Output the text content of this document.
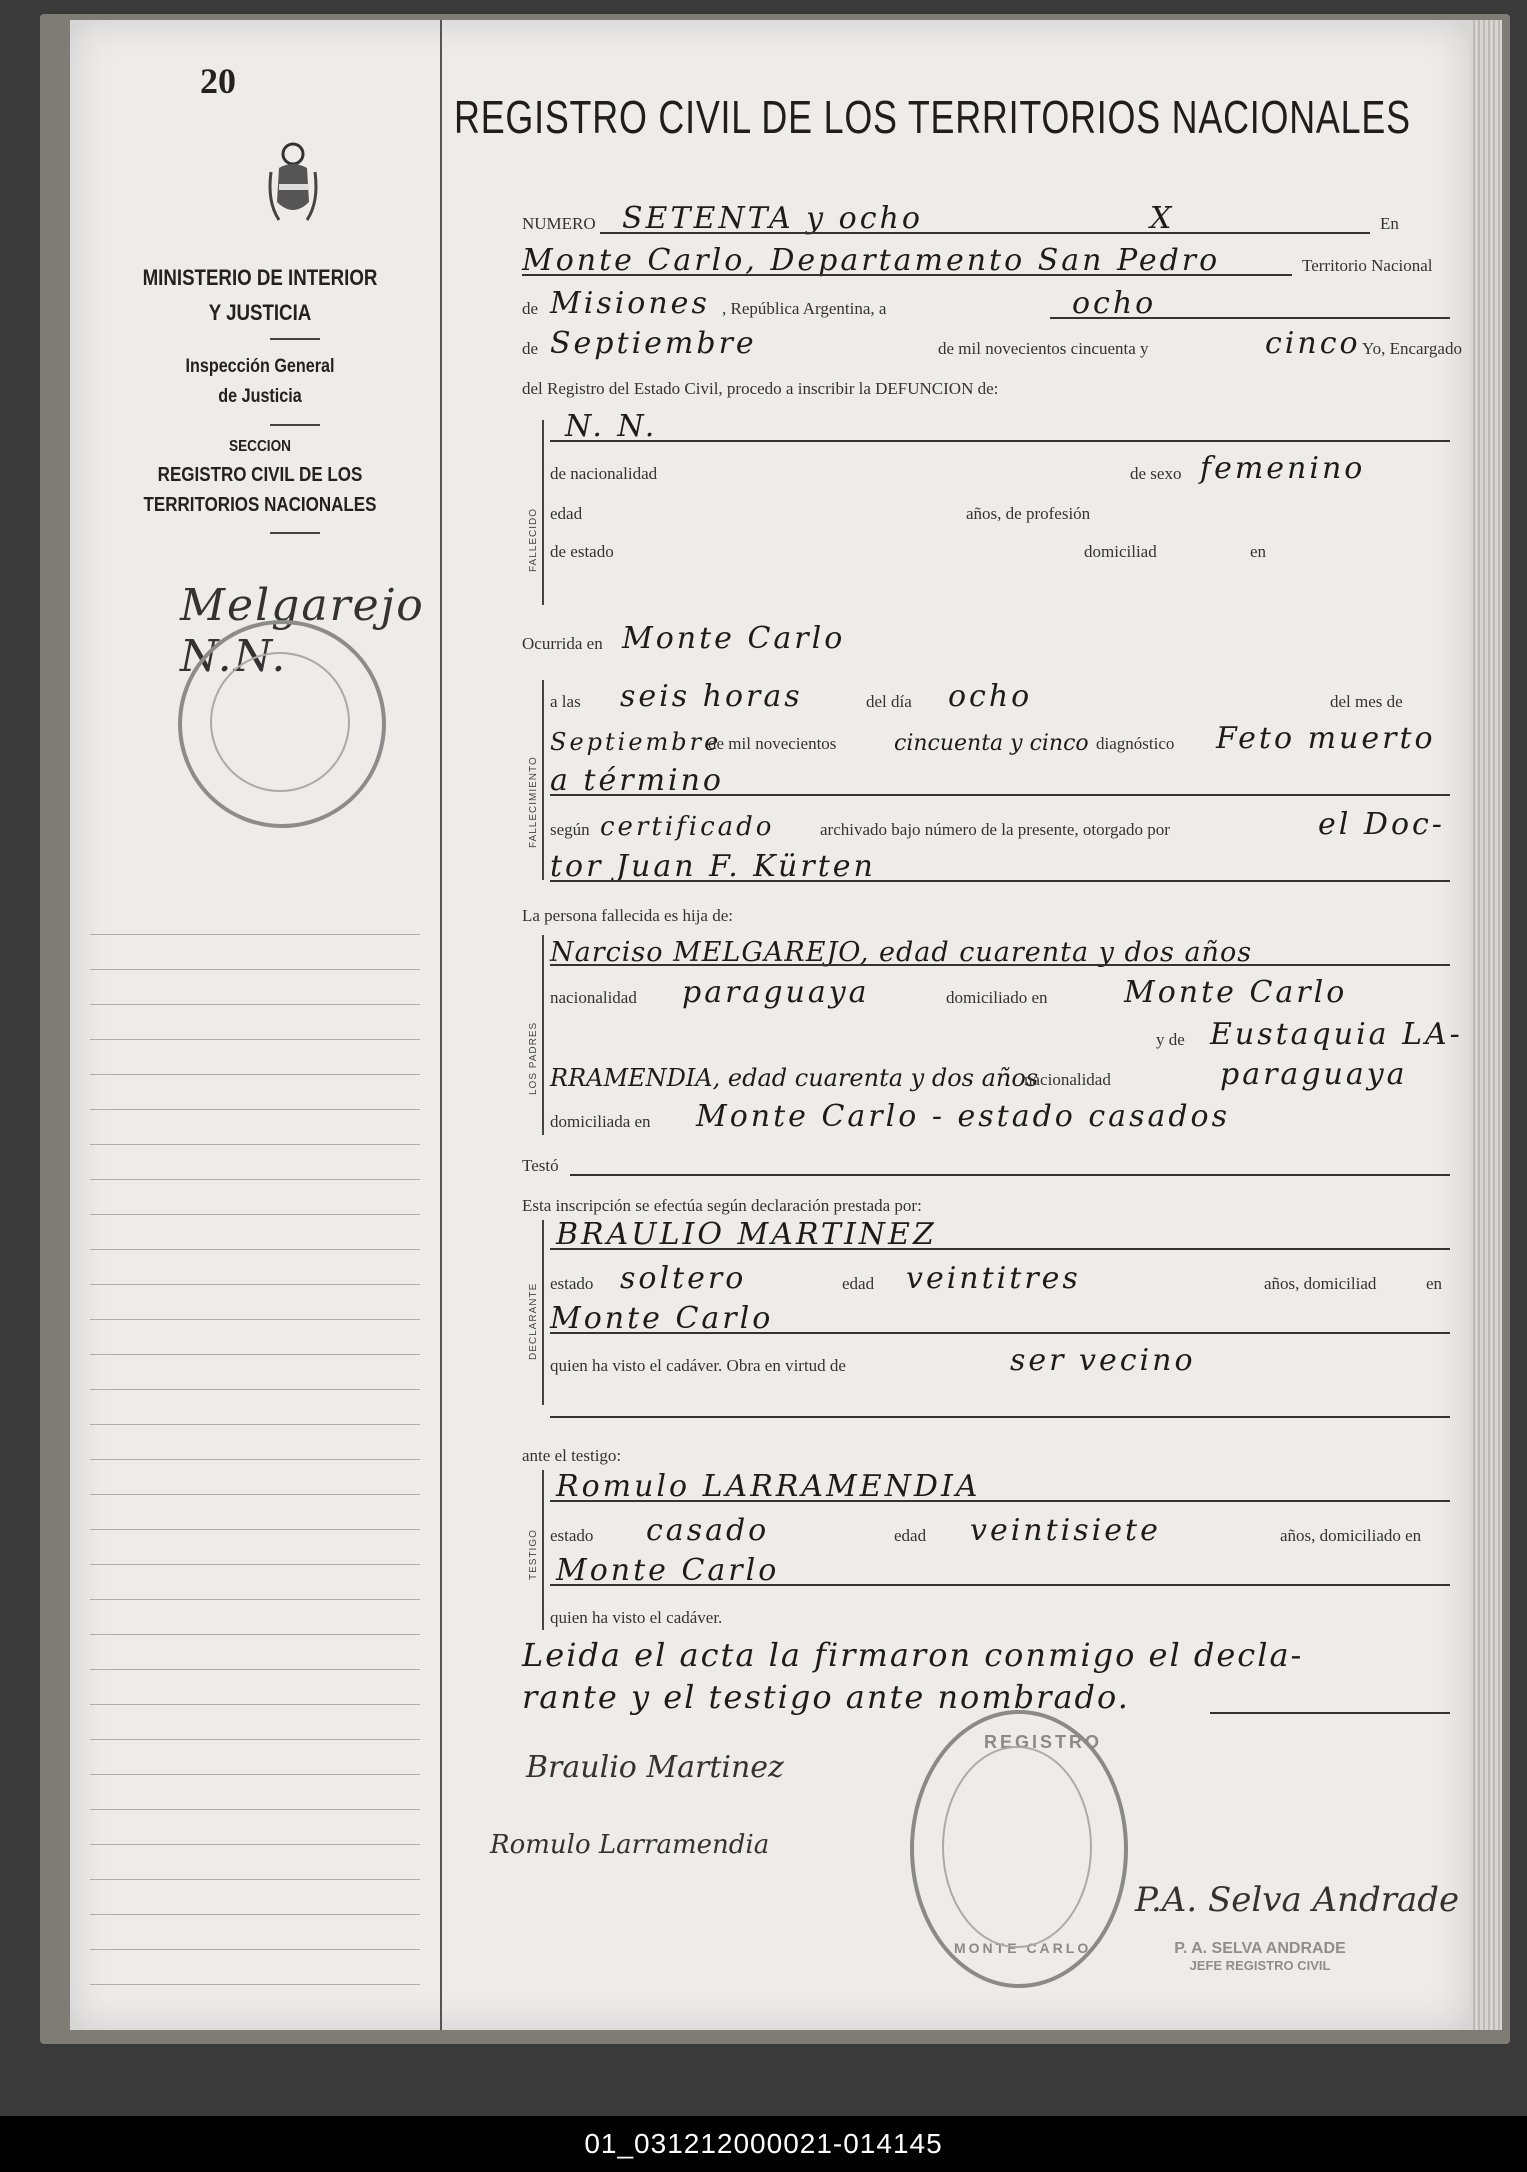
20
MINISTERIO DE INTERIOR
Y JUSTICIA
Inspección General
de Justicia
SECCION
REGISTRO CIVIL DE LOS
TERRITORIOS NACIONALES
Melgarejo N.N.
REGISTRO CIVIL DE LOS TERRITORIOS NACIONALES
NUMERO SETENTA y ocho	X	En
Monte Carlo, Departamento San Pedro	Territorio Nacional
de Misiones , República Argentina, a	ocho
de Septiembre	de mil novecientos cincuenta y	cinco Yo, Encargado
del Registro del Estado Civil, procedo a inscribir la DEFUNCION de:
FALLECIDO
N. N.
de nacionalidad	de sexo femenino
edad	años, de profesión
de estado	domiciliad	en
Ocurrida en Monte Carlo
FALLECIMIENTO
a las seis horas	del día ocho	del mes de
Septiembre
de mil novecientos	cincuenta y cinco diagnóstico Feto muerto
a término
según certificado	archivado bajo número de la presente, otorgado por	el Doc-
tor Juan F. Kürten
La persona fallecida es hija de:
LOS PADRES
Narciso MELGAREJO, edad cuarenta y dos años
nacionalidad paraguaya	domiciliado en	Monte Carlo
y de Eustaquia LA-
RRAMENDIA, edad cuarenta y dos años
nacionalidad	paraguaya
domiciliada en Monte Carlo - estado casados
Testó
Esta inscripción se efectúa según declaración prestada por:
DECLARANTE
BRAULIO MARTINEZ
estado soltero	edad veintitres	años, domiciliad	en
Monte Carlo
quien ha visto el cadáver. Obra en virtud de	ser vecino
ante el testigo:
TESTIGO
Romulo LARRAMENDIA
estado casado	edad veintisiete	años, domiciliado en
Monte Carlo
quien ha visto el cadáver.
Leida el acta la firmaron conmigo el decla-
rante y el testigo ante nombrado.
Braulio Martinez
Romulo Larramendia
P.A. Selva Andrade
REGISTRO
MONTE CARLO	P. A. SELVA ANDRADE
JEFE REGISTRO CIVIL
01_031212000021-014145
